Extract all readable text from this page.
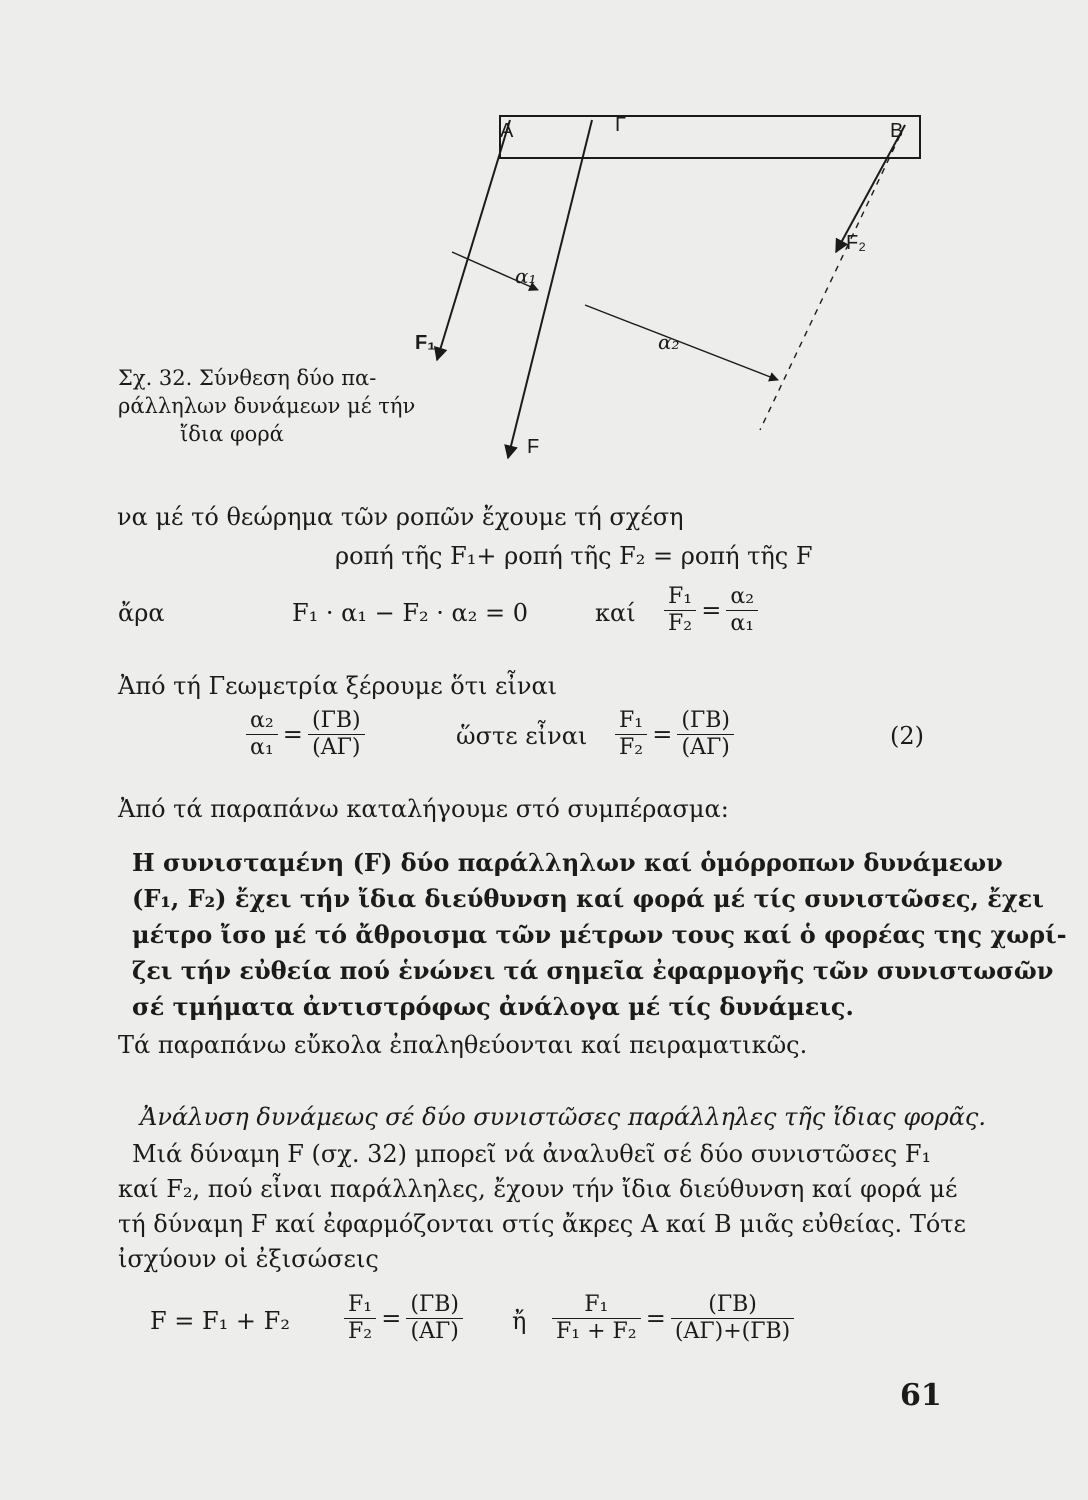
A	Γ	B
F₂
α₁
α₂
F₁
F
Σχ. 32. Σύνθεση δύο πα-
ράλληλων δυνάμεων μέ τήν
ἴδια φορά
να μέ τό θεώρημα τῶν ροπῶν ἔχουμε τή σχέση
ροπή τῆς F₁+ ροπή τῆς F₂ = ροπή τῆς F
ἄρα	F₁ · α₁ − F₂ · α₂ = 0	καί $\frac{\text{F₁}}{\text{F₂}} = \frac{\text{α₂}}{\text{α₁}}$
Ἀπό τή Γεωμετρία ξέρουμε ὅτι εἶναι
$\frac{\text{α₂}}{\text{α₁}} = \frac{(\Gamma B)}{(A\Gamma)}$	ὥστε εἶναι $\frac{\text{F₁}}{\text{F₂}} = \frac{(\Gamma B)}{(A\Gamma)}$	(2)
Ἀπό τά παραπάνω καταλήγουμε στό συμπέρασμα:
Η συνισταμένη (F) δύο παράλληλων καί ὁμόρροπων δυνάμεων
(F₁, F₂) ἔχει τήν ἴδια διεύθυνση καί φορά μέ τίς συνιστῶσες, ἔχει
μέτρο ἴσο μέ τό ἄθροισμα τῶν μέτρων τους καί ὁ φορέας της χωρί-
ζει τήν εὐθεία πού ἑνώνει τά σημεῖα ἐφαρμογῆς τῶν συνιστωσῶν
σέ τμήματα ἀντιστρόφως ἀνάλογα μέ τίς δυνάμεις.
Τά παραπάνω εὔκολα ἐπαληθεύονται καί πειραματικῶς.
Ἀνάλυση δυνάμεως σέ δύο συνιστῶσες παράλληλες τῆς ἴδιας φορᾶς.
Μιά δύναμη F (σχ. 32) μπορεῖ νά ἀναλυθεῖ σέ δύο συνιστῶσες F₁
καί F₂, πού εἶναι παράλληλες, ἔχουν τήν ἴδια διεύθυνση καί φορά μέ
τή δύναμη F καί ἐφαρμόζονται στίς ἄκρες A καί B μιᾶς εὐθείας. Τότε
ἰσχύουν οἱ ἐξισώσεις
$F = F_1 + F_2 \frac{\text{F₁}}{\text{F₂}} = \frac{(\Gamma B)}{(A\Gamma)}$ ἤ $\frac{\text{F₁}}{\text{F₁ + F₂}} = \frac{(\Gamma B)}{(A\Gamma)+(\Gamma B)}$
61
